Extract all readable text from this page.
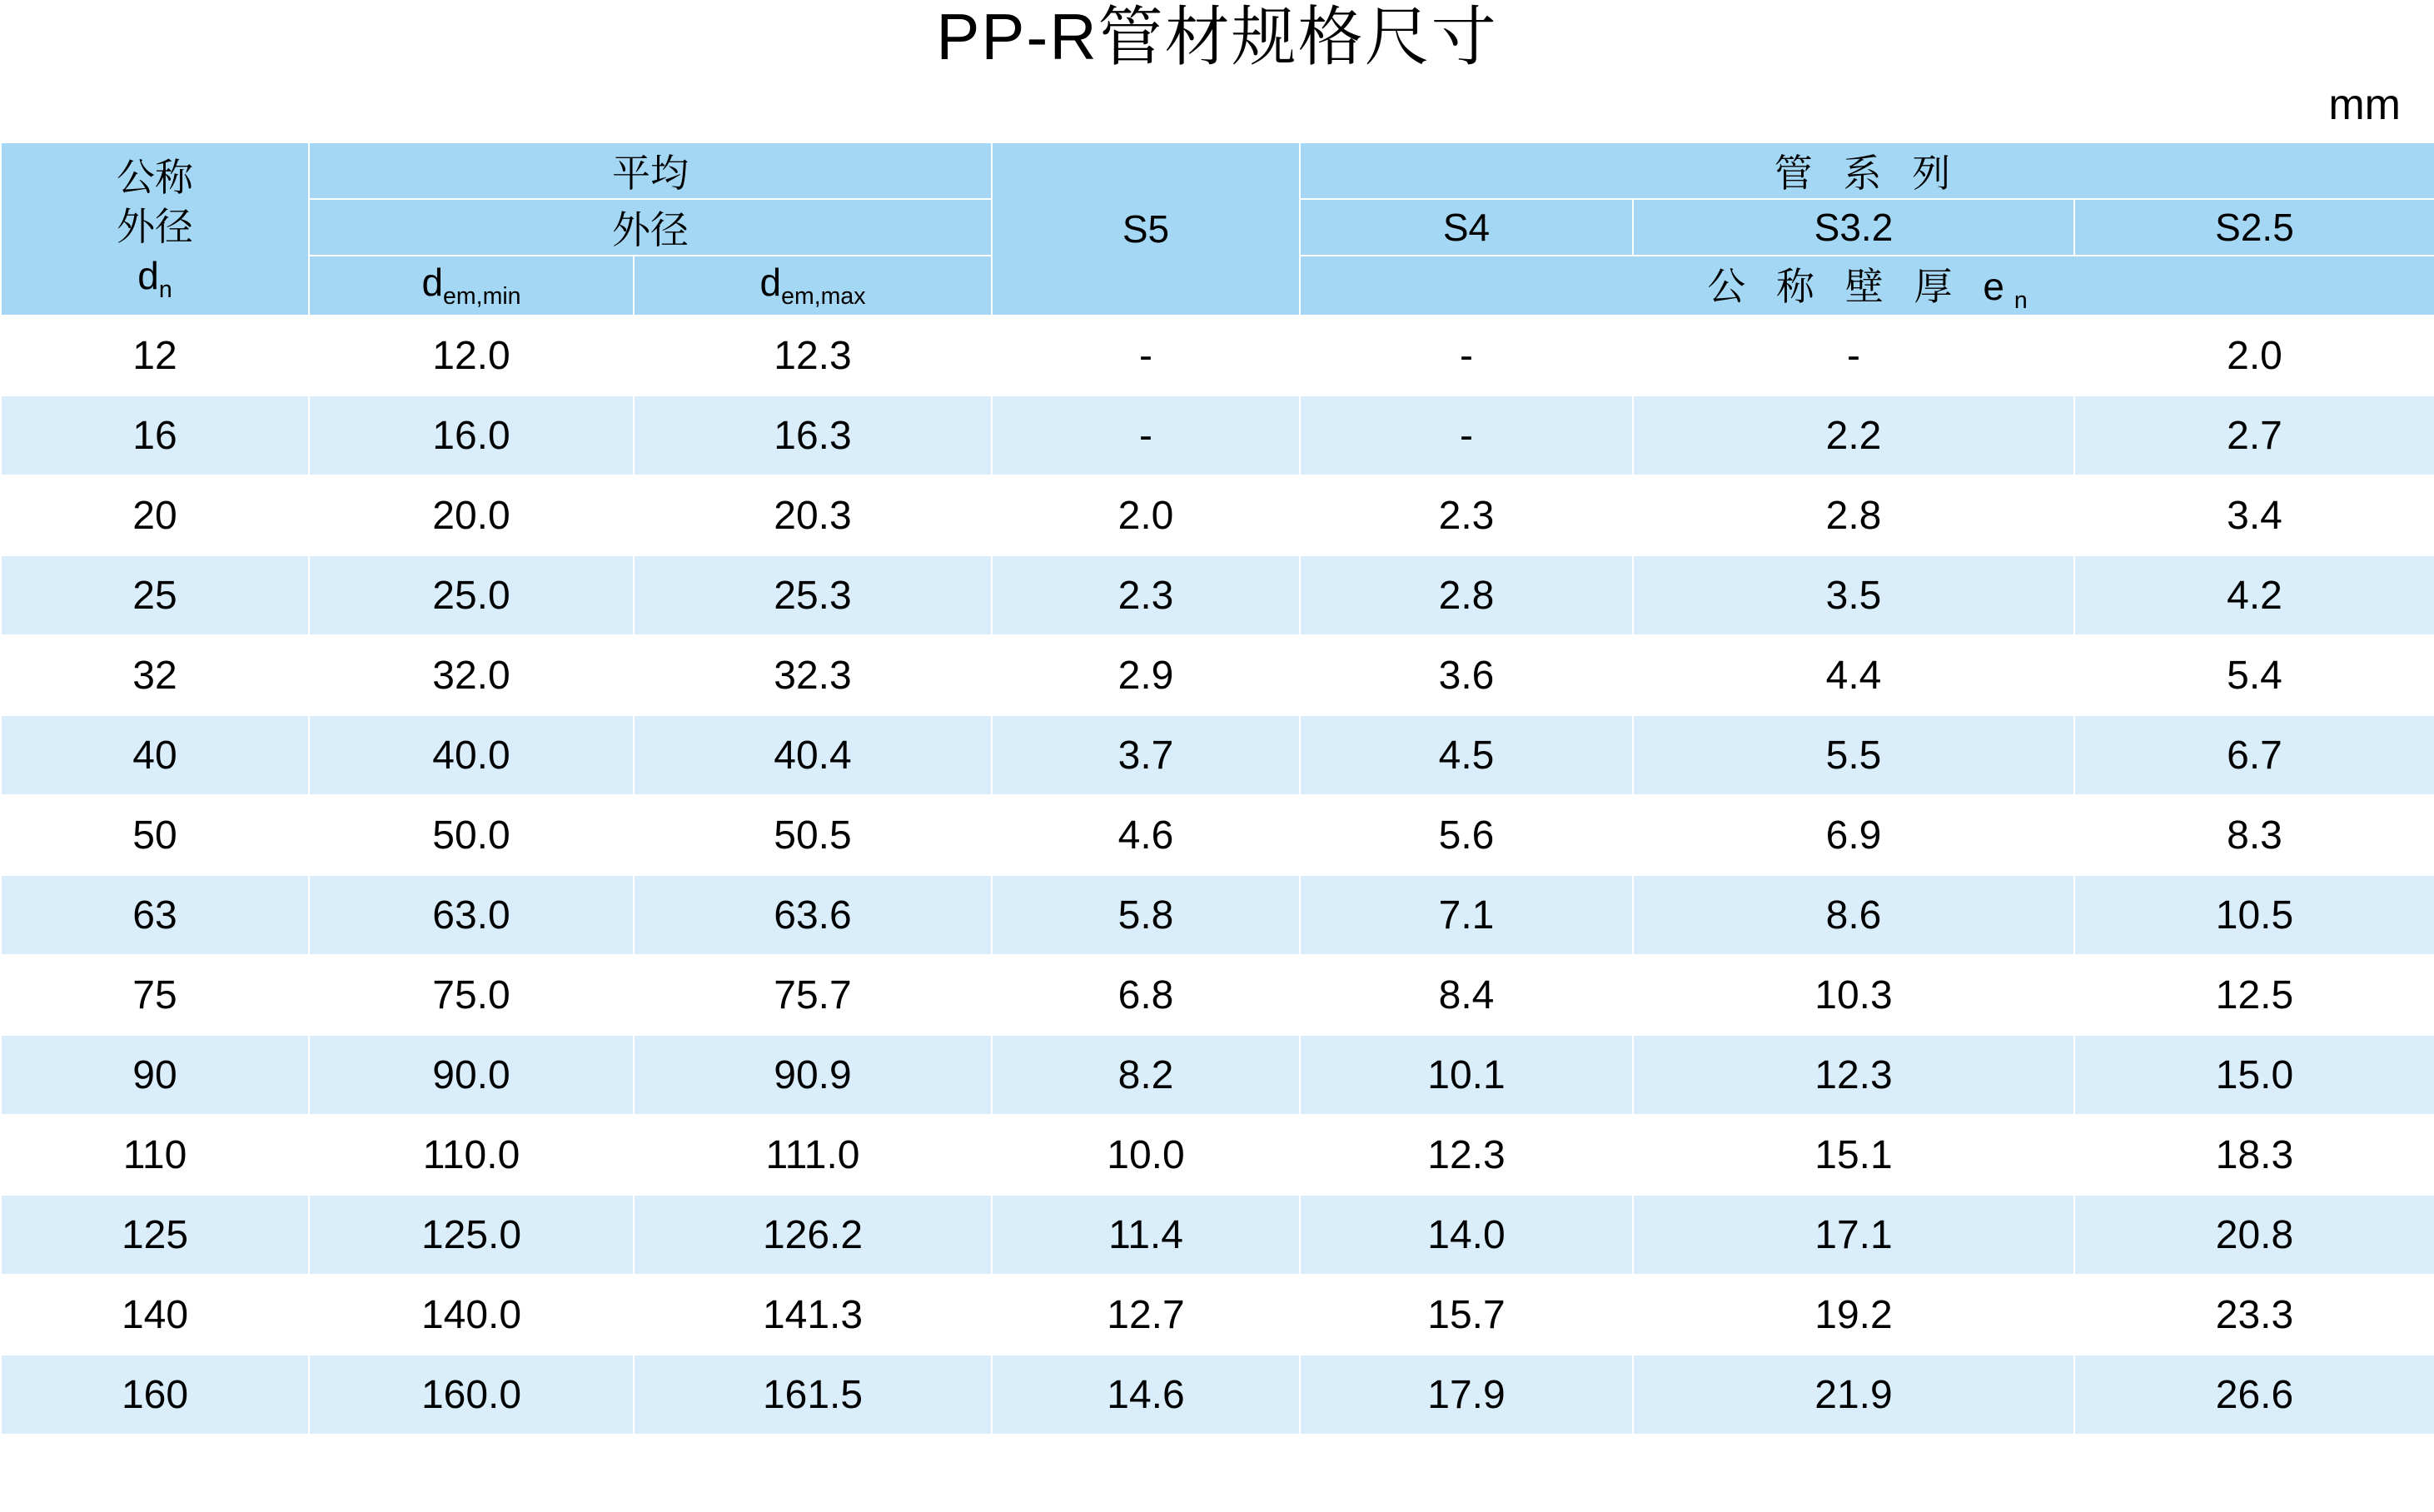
PP-R管材规格尺寸
mm
公称
外径
$d_n$	平均		S5	管 系 列		
	外径			S4	S3.2	S2.5
	$d_{em,min}$	$d_{em,max}$		公 称 壁 厚 $e_n$
12	12.0	12.3	-	-	-	2.0
16	16.0	16.3	-	-	2.2	2.7
20	20.0	20.3	2.0	2.3	2.8	3.4
25	25.0	25.3	2.3	2.8	3.5	4.2
32	32.0	32.3	2.9	3.6	4.4	5.4
40	40.0	40.4	3.7	4.5	5.5	6.7
50	50.0	50.5	4.6	5.6	6.9	8.3
63	63.0	63.6	5.8	7.1	8.6	10.5
75	75.0	75.7	6.8	8.4	10.3	12.5
90	90.0	90.9	8.2	10.1	12.3	15.0
110	110.0	111.0	10.0	12.3	15.1	18.3
125	125.0	126.2	11.4	14.0	17.1	20.8
140	140.0	141.3	12.7	15.7	19.2	23.3
160	160.0	161.5	14.6	17.9	21.9	26.6
